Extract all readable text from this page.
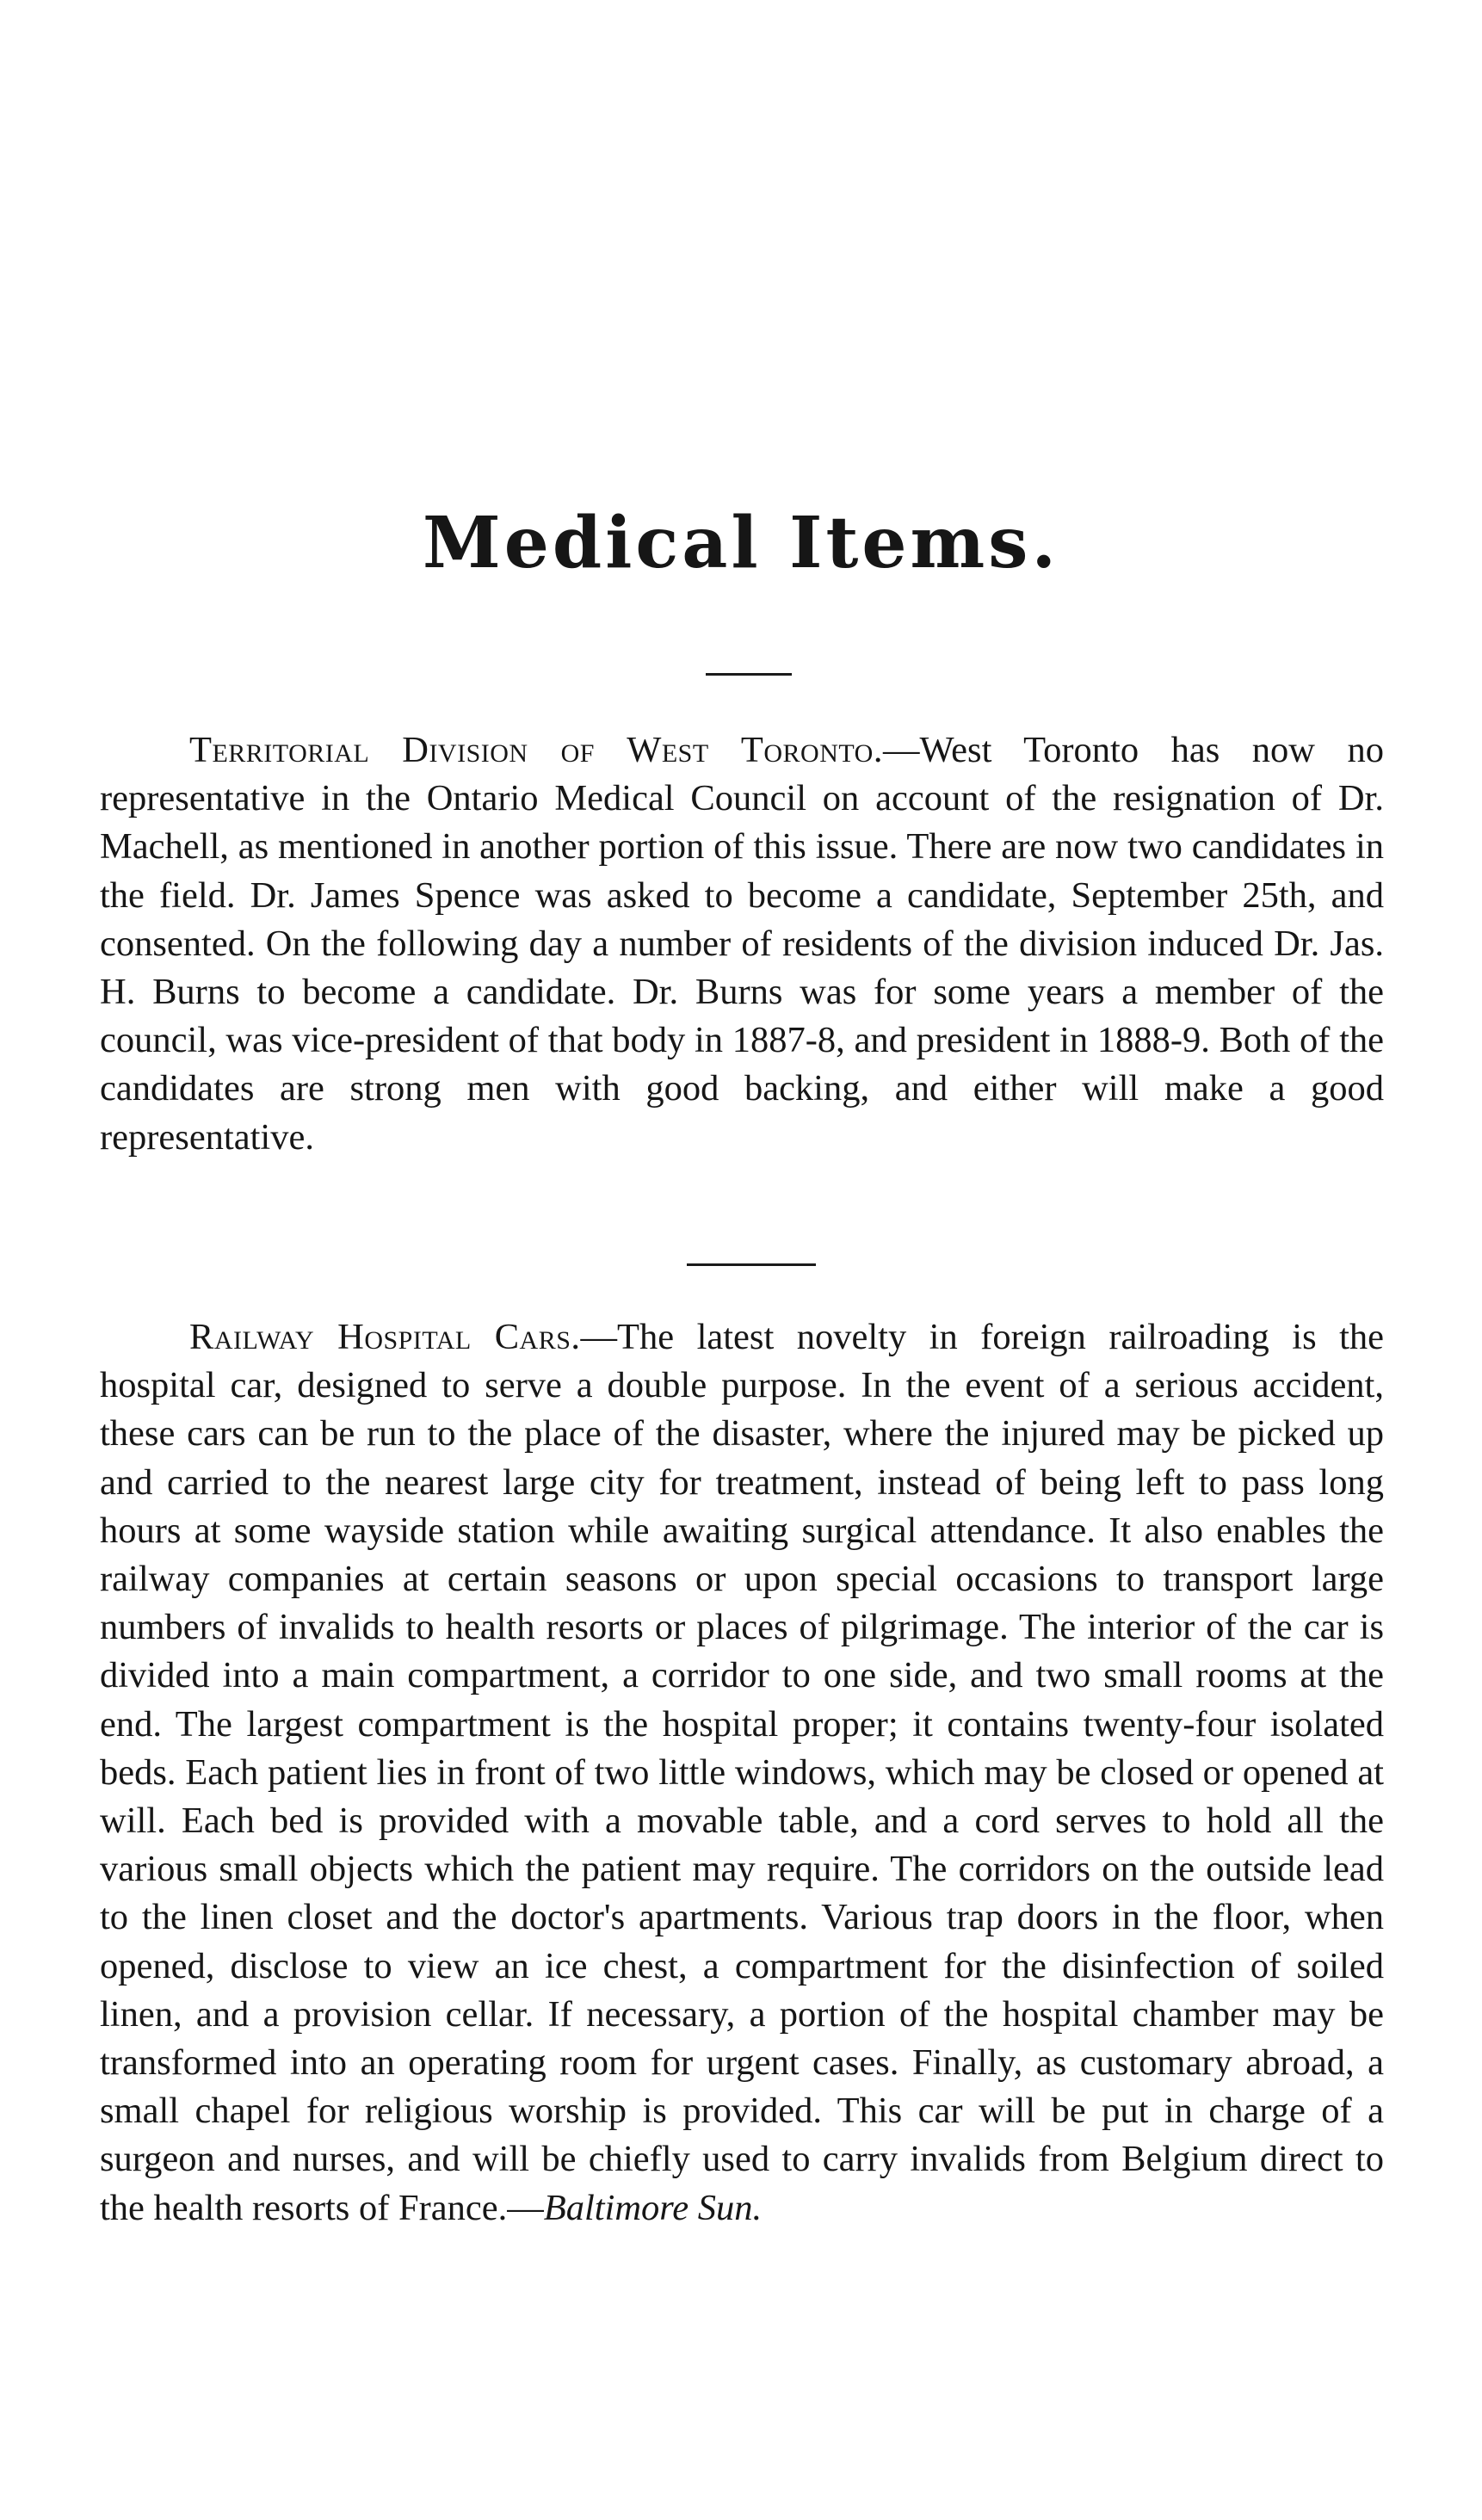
Medical Items.

Territorial Division of West Toronto.—West Toronto has now no representative in the Ontario Medical Council on account of the resignation of Dr. Machell, as mentioned in another portion of this issue. There are now two candidates in the field. Dr. James Spence was asked to become a candidate, September 25th, and consented. On the following day a number of residents of the division induced Dr. Jas. H. Burns to become a candidate. Dr. Burns was for some years a member of the council, was vice-president of that body in 1887-8, and president in 1888-9. Both of the candidates are strong men with good backing, and either will make a good representative.

Railway Hospital Cars.—The latest novelty in foreign railroading is the hospital car, designed to serve a double purpose. In the event of a serious accident, these cars can be run to the place of the disaster, where the injured may be picked up and carried to the nearest large city for treatment, instead of being left to pass long hours at some wayside station while awaiting surgical attendance. It also enables the railway companies at certain seasons or upon special occasions to transport large numbers of invalids to health resorts or places of pilgrimage. The interior of the car is divided into a main compartment, a corridor to one side, and two small rooms at the end. The largest compartment is the hospital proper; it contains twenty-four isolated beds. Each patient lies in front of two little windows, which may be closed or opened at will. Each bed is provided with a movable table, and a cord serves to hold all the various small objects which the patient may require. The corridors on the outside lead to the linen closet and the doctor's apartments. Various trap doors in the floor, when opened, disclose to view an ice chest, a compartment for the disinfection of soiled linen, and a provision cellar. If necessary, a portion of the hospital chamber may be transformed into an operating room for urgent cases. Finally, as customary abroad, a small chapel for religious worship is provided. This car will be put in charge of a surgeon and nurses, and will be chiefly used to carry invalids from Belgium direct to the health resorts of France.—Baltimore Sun.
